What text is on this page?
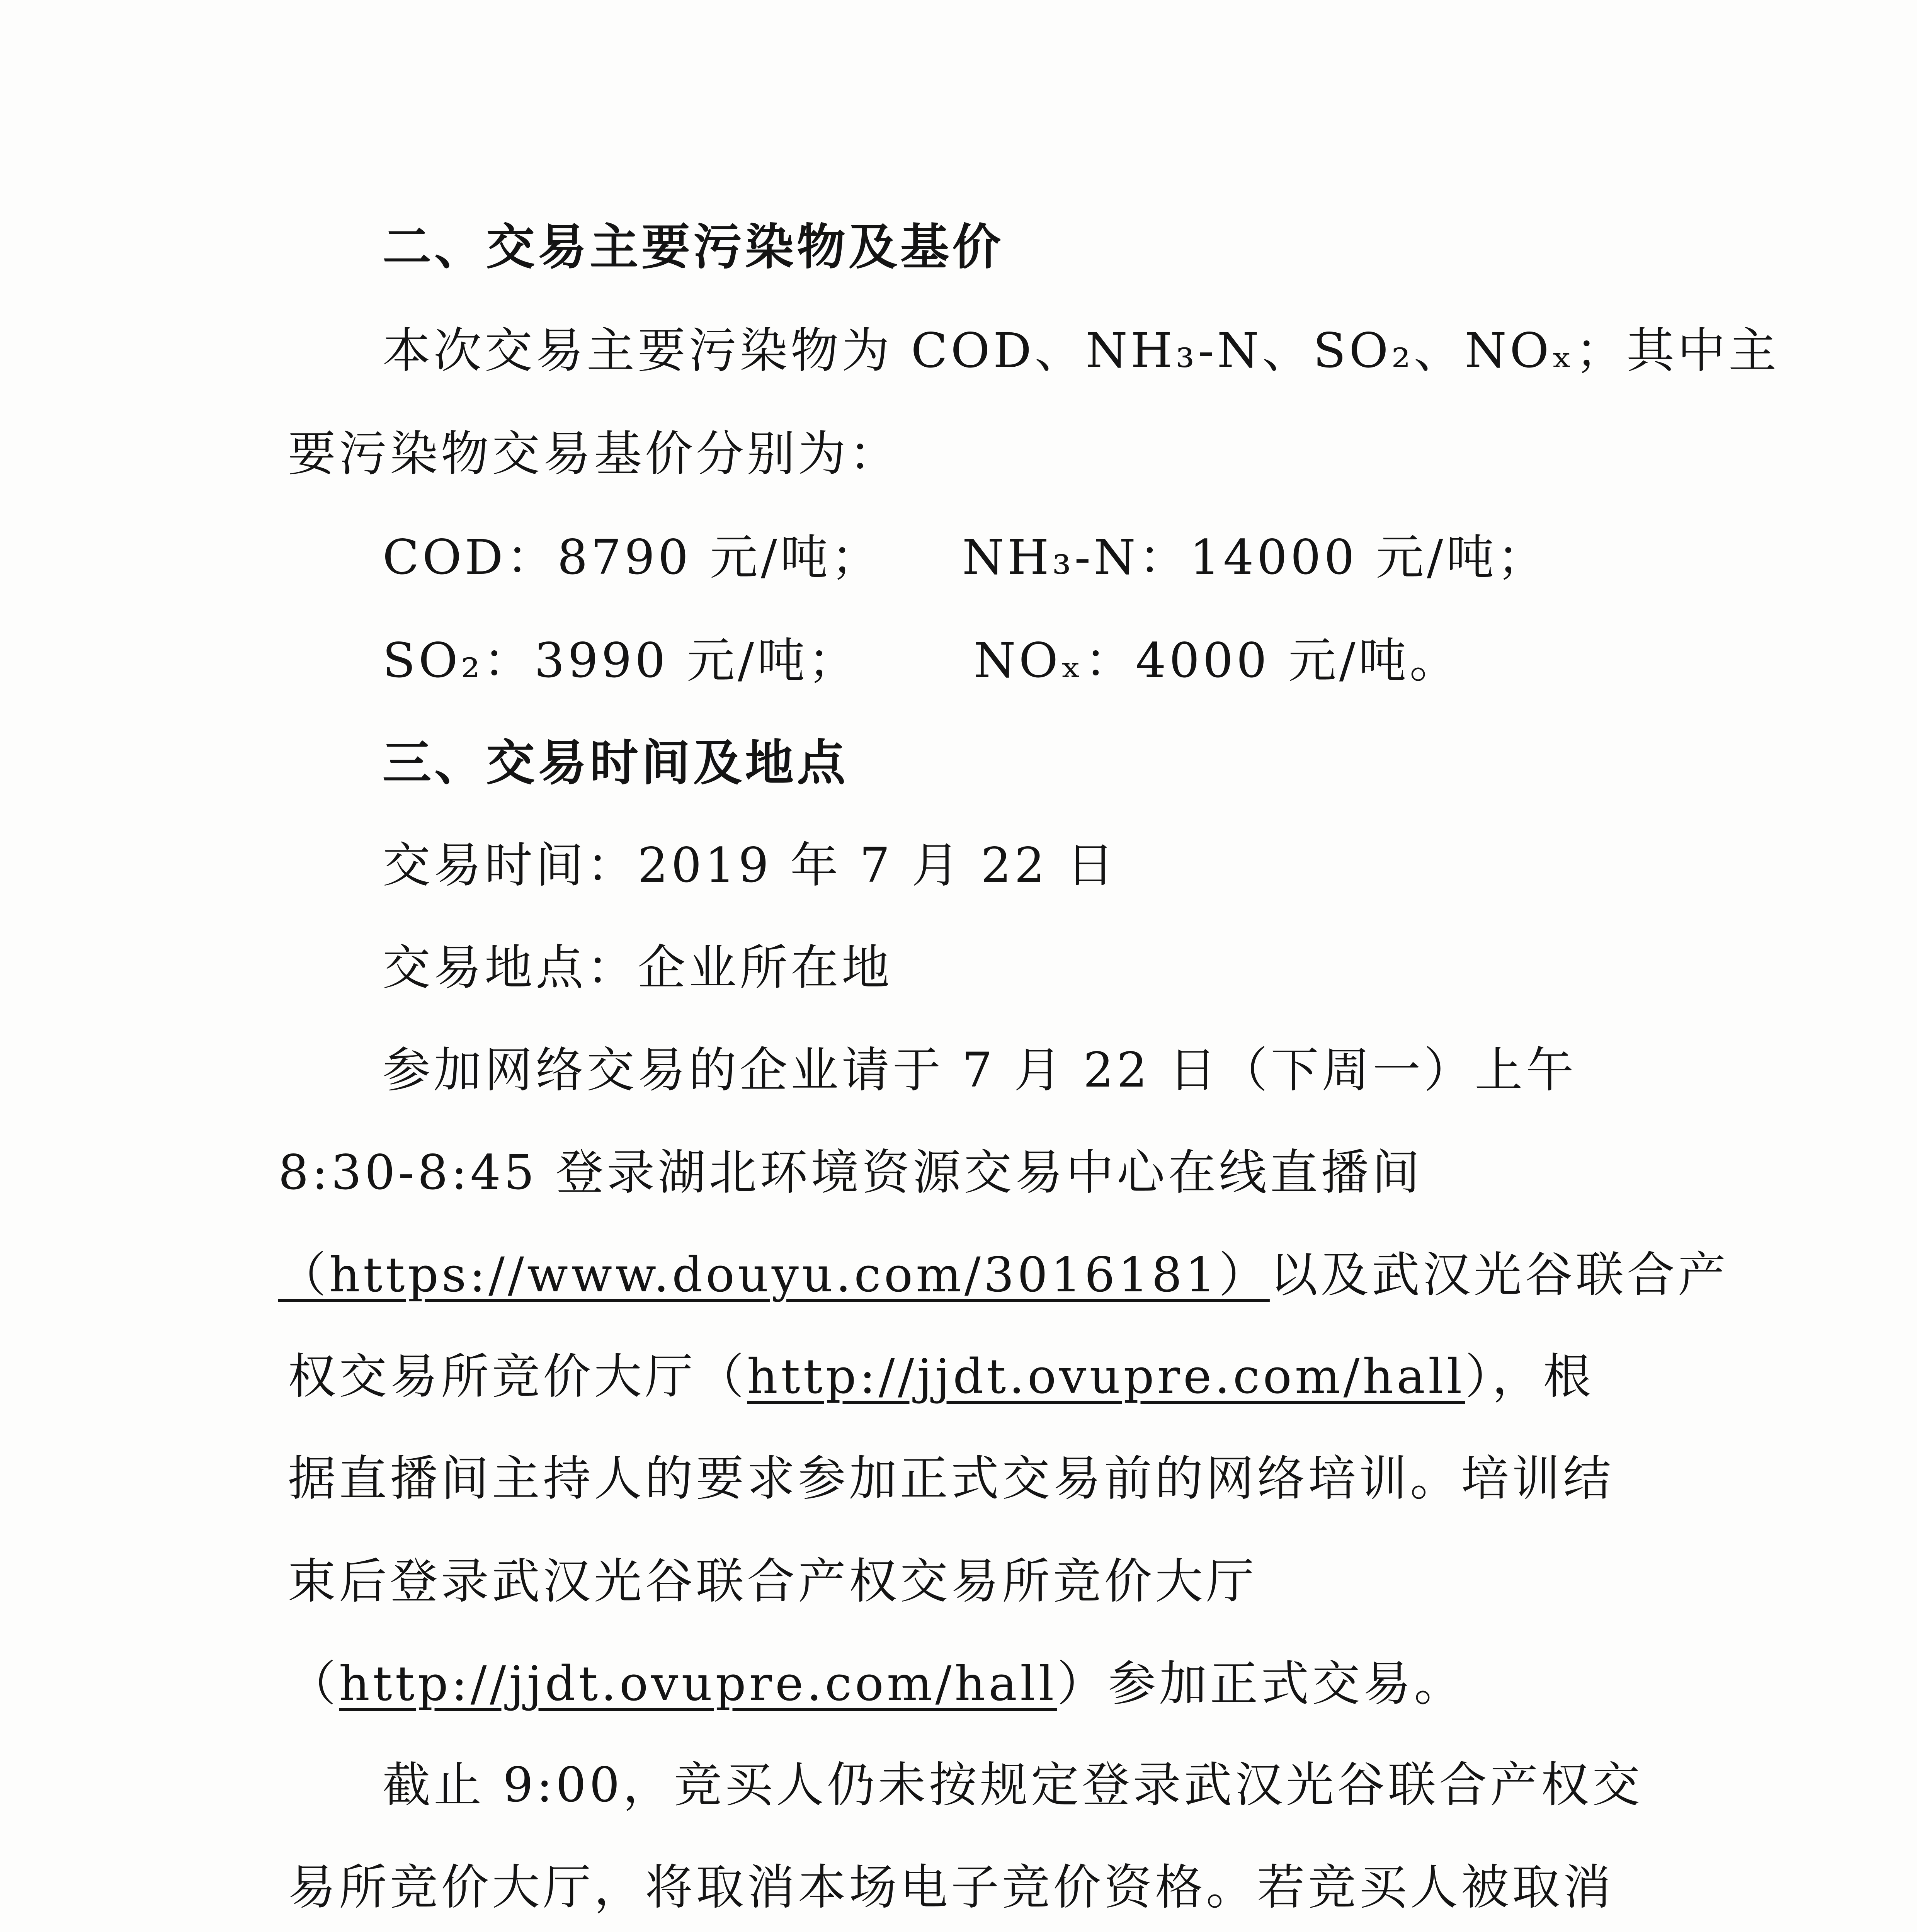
二、交易主要污染物及基价
本次交易主要污染物为 COD、NH₃-N、SO₂、NOₓ；其中主
要污染物交易基价分别为：
COD：8790 元/吨； NH₃-N：14000 元/吨；
SO₂：3990 元/吨； NOₓ：4000 元/吨。
三、交易时间及地点
交易时间：2019 年 7 月 22 日
交易地点：企业所在地
参加网络交易的企业请于 7 月 22 日（下周一）上午
8:30-8:45 登录湖北环境资源交易中心在线直播间
（https://www.douyu.com/3016181）以及武汉光谷联合产
权交易所竞价大厅（http://jjdt.ovupre.com/hall），根
据直播间主持人的要求参加正式交易前的网络培训。培训结
束后登录武汉光谷联合产权交易所竞价大厅
（http://jjdt.ovupre.com/hall）参加正式交易。
截止 9:00，竞买人仍未按规定登录武汉光谷联合产权交
易所竞价大厅，将取消本场电子竞价资格。若竞买人被取消
